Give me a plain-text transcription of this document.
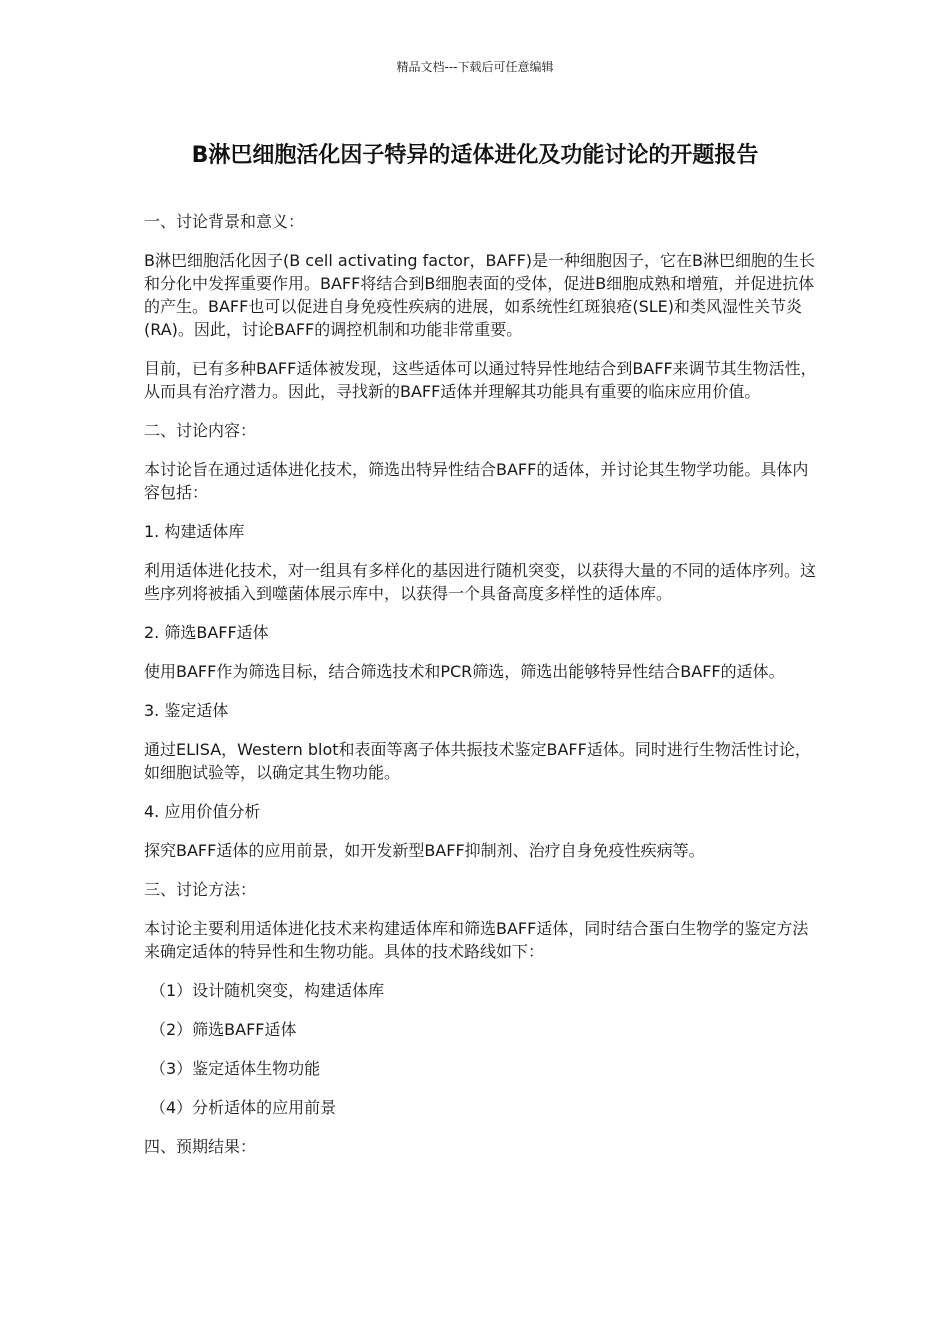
精品文档---下载后可任意编辑
B淋巴细胞活化因子特异的适体进化及功能讨论的开题报告

一、讨论背景和意义：

B淋巴细胞活化因子(B cell activating factor，BAFF)是一种细胞因子，它在B淋巴细胞的生长和分化中发挥重要作用。BAFF将结合到B细胞表面的受体，促进B细胞成熟和增殖，并促进抗体的产生。BAFF也可以促进自身免疫性疾病的进展，如系统性红斑狼疮(SLE)和类风湿性关节炎(RA)。因此，讨论BAFF的调控机制和功能非常重要。

目前，已有多种BAFF适体被发现，这些适体可以通过特异性地结合到BAFF来调节其生物活性，从而具有治疗潜力。因此，寻找新的BAFF适体并理解其功能具有重要的临床应用价值。

二、讨论内容：

本讨论旨在通过适体进化技术，筛选出特异性结合BAFF的适体，并讨论其生物学功能。具体内容包括：

1. 构建适体库

利用适体进化技术，对一组具有多样化的基因进行随机突变，以获得大量的不同的适体序列。这些序列将被插入到噬菌体展示库中，以获得一个具备高度多样性的适体库。

2. 筛选BAFF适体

使用BAFF作为筛选目标，结合筛选技术和PCR筛选，筛选出能够特异性结合BAFF的适体。

3. 鉴定适体

通过ELISA，Western blot和表面等离子体共振技术鉴定BAFF适体。同时进行生物活性讨论，如细胞试验等，以确定其生物功能。

4. 应用价值分析

探究BAFF适体的应用前景，如开发新型BAFF抑制剂、治疗自身免疫性疾病等。

三、讨论方法：

本讨论主要利用适体进化技术来构建适体库和筛选BAFF适体，同时结合蛋白生物学的鉴定方法来确定适体的特异性和生物功能。具体的技术路线如下：

（1）设计随机突变，构建适体库

（2）筛选BAFF适体

（3）鉴定适体生物功能

（4）分析适体的应用前景

四、预期结果：
